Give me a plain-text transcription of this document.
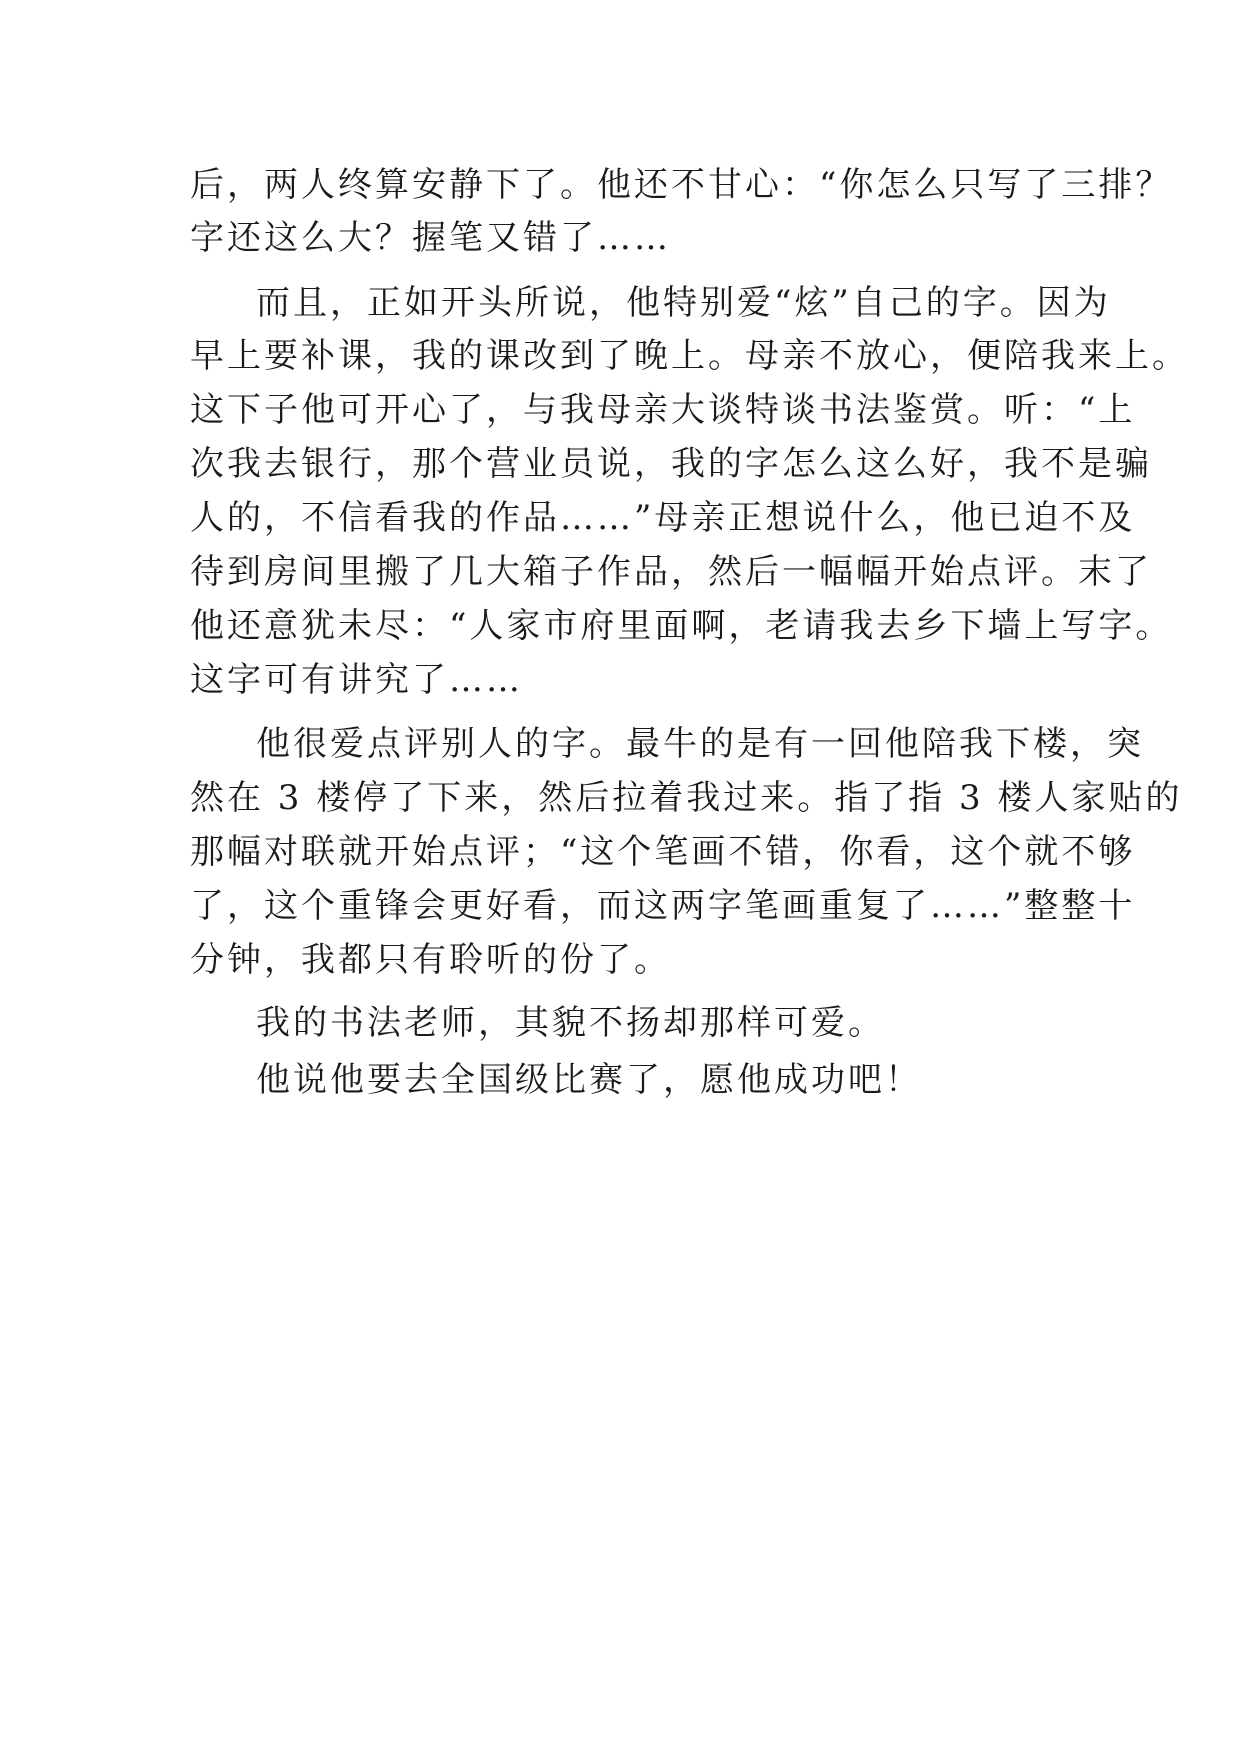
后，两人终算安静下了。他还不甘心：“你怎么只写了三排？
字还这么大？握笔又错了……
而且，正如开头所说，他特别爱“炫”自己的字。因为
早上要补课，我的课改到了晚上。母亲不放心，便陪我来上。
这下子他可开心了，与我母亲大谈特谈书法鉴赏。听：“上
次我去银行，那个营业员说，我的字怎么这么好，我不是骗
人的，不信看我的作品……”母亲正想说什么，他已迫不及
待到房间里搬了几大箱子作品，然后一幅幅开始点评。末了
他还意犹未尽：“人家市府里面啊，老请我去乡下墙上写字。
这字可有讲究了……
他很爱点评别人的字。最牛的是有一回他陪我下楼，突
然在 3 楼停了下来，然后拉着我过来。指了指 3 楼人家贴的
那幅对联就开始点评；“这个笔画不错，你看，这个就不够
了，这个重锋会更好看，而这两字笔画重复了……”整整十
分钟，我都只有聆听的份了。
我的书法老师，其貌不扬却那样可爱。
他说他要去全国级比赛了，愿他成功吧！
